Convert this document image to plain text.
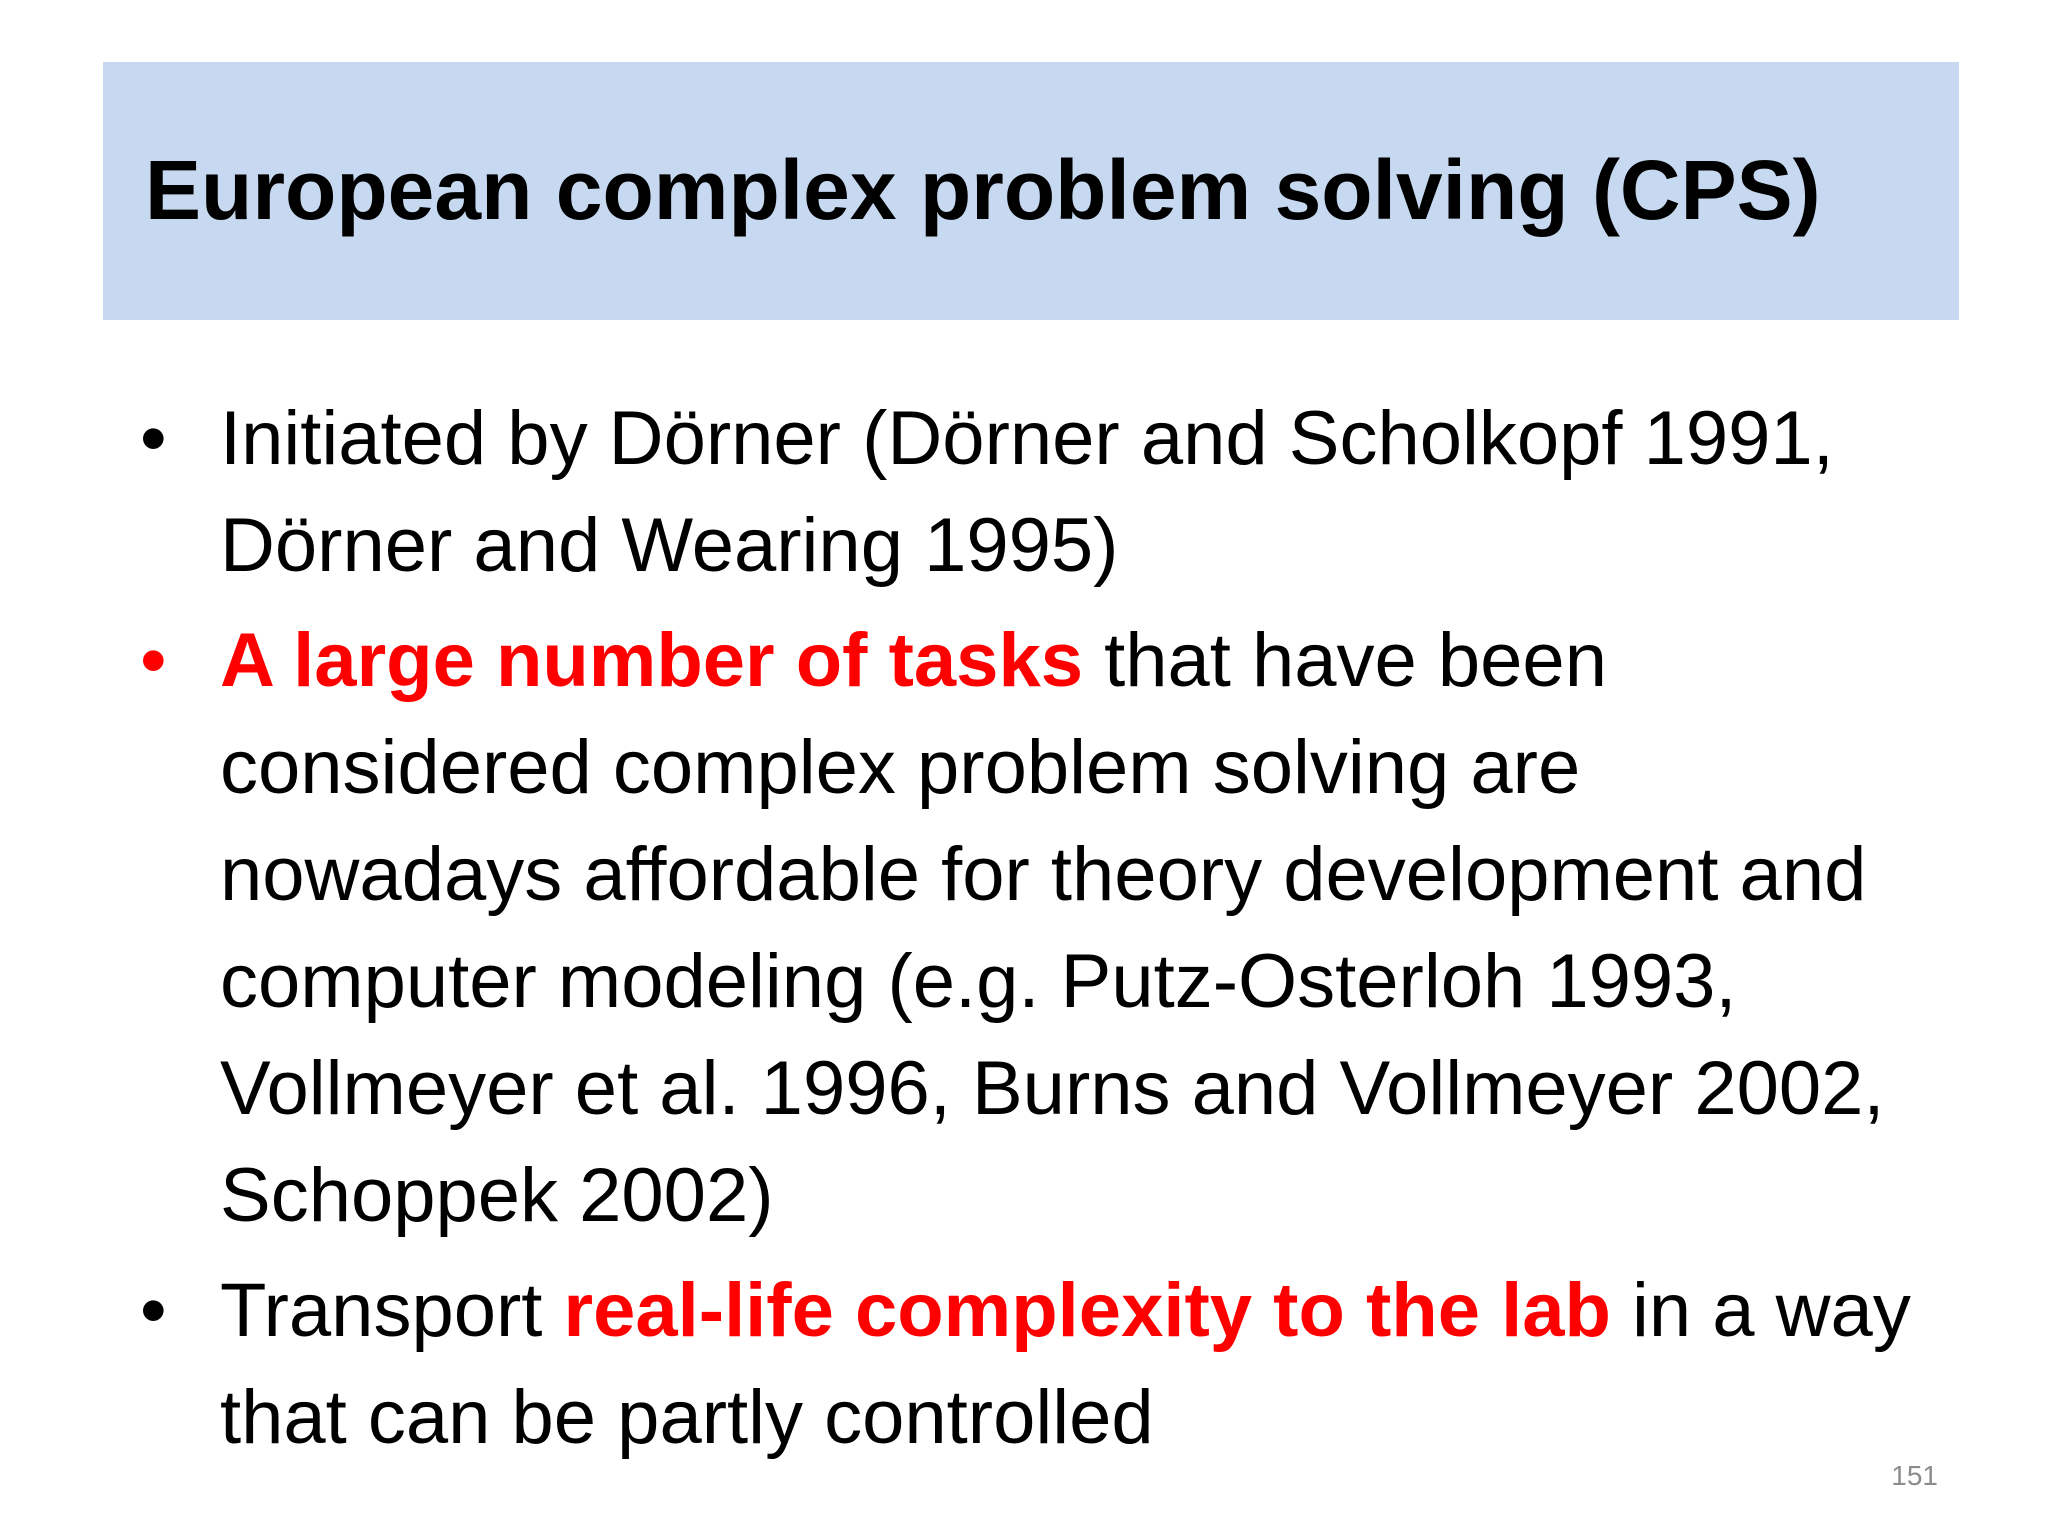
European complex problem solving (CPS)
• Initiated by Dörner (Dörner and Scholkopf 1991, Dörner and Wearing 1995)
• A large number of tasks that have been considered complex problem solving are nowadays affordable for theory development and computer modeling (e.g. Putz-Osterloh 1993, Vollmeyer et al. 1996, Burns and Vollmeyer 2002, Schoppek 2002)
• Transport real-life complexity to the lab in a way that can be partly controlled
151
